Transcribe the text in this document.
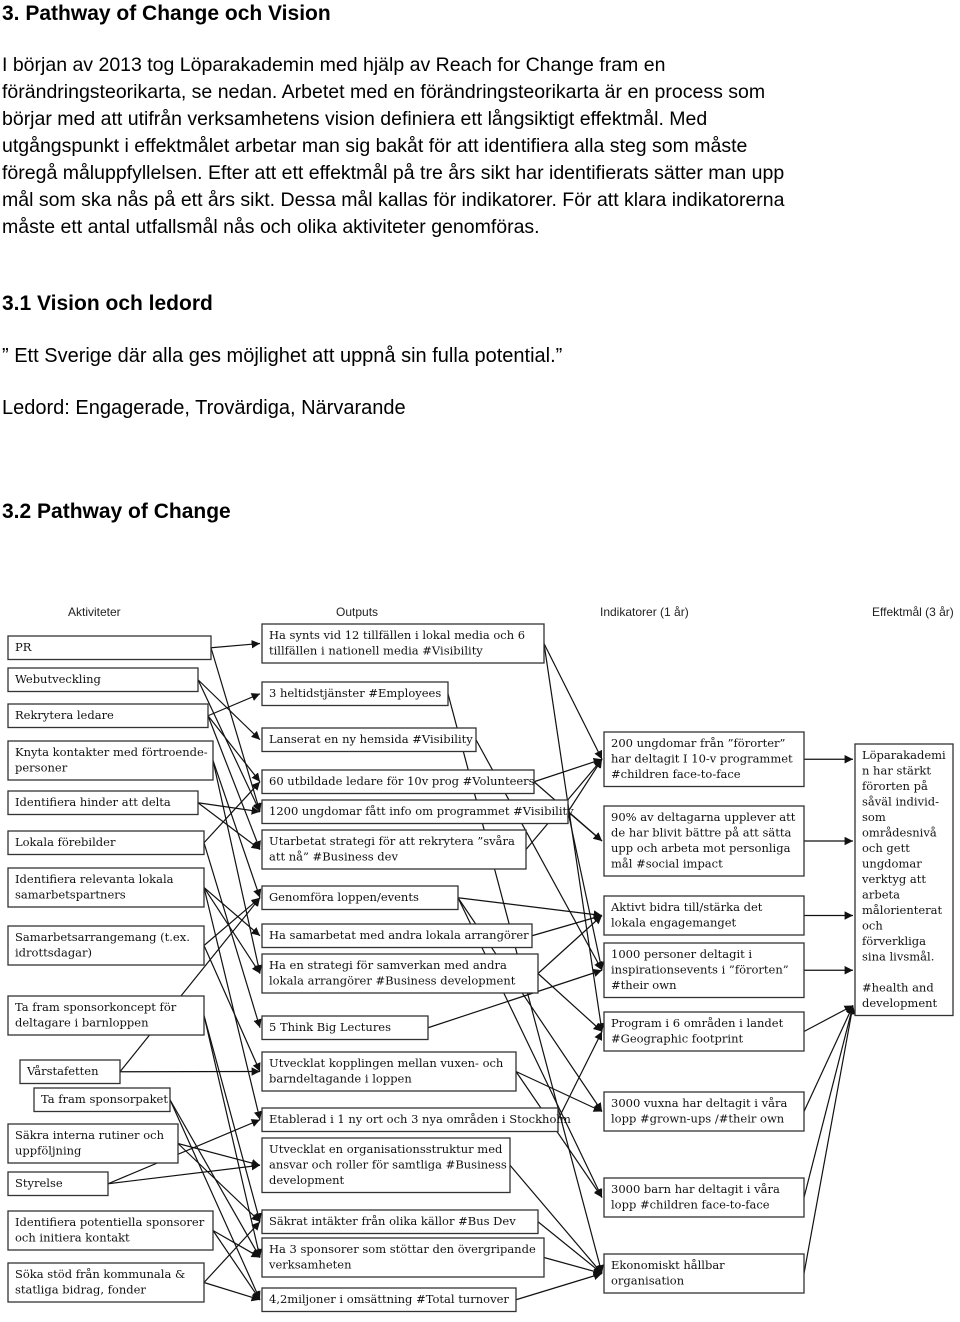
3. Pathway of Change och Vision

I början av 2013 tog Löparakademin med hjälp av Reach for Change fram en

förändringsteorikarta, se nedan. Arbetet med en förändringsteorikarta är en process som

börjar med att utifrån verksamhetens vision definiera ett långsiktigt effektmål. Med

utgångspunkt i effektmålet arbetar man sig bakåt för att identifiera alla steg som måste

föregå måluppfyllelsen. Efter att ett effektmål på tre års sikt har identifierats sätter man upp

mål som ska nås på ett års sikt. Dessa mål kallas för indikatorer. För att klara indikatorerna

måste ett antal utfallsmål nås och olika aktiviteter genomföras.

3.1 Vision och ledord

” Ett Sverige där alla ges möjlighet att uppnå sin fulla potential.”

Ledord: Engagerade, Trovärdiga, Närvarande

3.2 Pathway of Change
PR
Webutveckling
Rekrytera ledare
Knyta kontakter med förtroende-
personer
Identifiera hinder att delta
Lokala förebilder
Identifiera relevanta lokala
samarbetspartners
Samarbetsarrangemang (t.ex.
idrottsdagar)
Ta fram sponsorkoncept för
deltagare i barnloppen
Vårstafetten
Ta fram sponsorpaket
Säkra interna rutiner och
uppföljning
Styrelse
Identifiera potentiella sponsorer
och initiera kontakt
Söka stöd från kommunala &
statliga bidrag, fonder
Ha synts vid 12 tillfällen i lokal media och 6
tillfällen i nationell media #Visibility
3 heltidstjänster #Employees
Lanserat en ny hemsida #Visibility
60 utbildade ledare för 10v prog #Volunteers
1200 ungdomar fått info om programmet #Visibility
Utarbetat strategi för att rekrytera ”svåra
att nå” #Business dev
Genomföra loppen/events
Ha samarbetat med andra lokala arrangörer
Ha en strategi för samverkan med andra
lokala arrangörer #Business development
5 Think Big Lectures
Utvecklat kopplingen mellan vuxen- och
barndeltagande i loppen
Etablerad i 1 ny ort och 3 nya områden i Stockholm
Utvecklat en organisationsstruktur med
ansvar och roller för samtliga #Business
development
Säkrat intäkter från olika källor #Bus Dev
Ha 3 sponsorer som stöttar den övergripande
verksamheten
4,2miljoner i omsättning #Total turnover
200 ungdomar från ”förorter”
har deltagit I 10-v programmet
#children face-to-face
90% av deltagarna upplever att
de har blivit bättre på att sätta
upp och arbeta mot personliga
mål #social impact
Aktivt bidra till/stärka det
lokala engagemanget
1000 personer deltagit i
inspirationsevents i ”förorten”
#their own
Program i 6 områden i landet
#Geographic footprint
3000 vuxna har deltagit i våra
lopp #grown-ups /#their own
3000 barn har deltagit i våra
lopp #children face-to-face
Ekonomiskt hållbar
organisation
Löparakademi
n har stärkt
förorten på
såväl individ-
som
områdesnivå
och gett
ungdomar
verktyg att
arbeta
målorienterat
och
förverkliga
sina livsmål.
#health and
development
Aktiviteter	Outputs	Indikatorer (1 år)	Effektmål (3 år)
